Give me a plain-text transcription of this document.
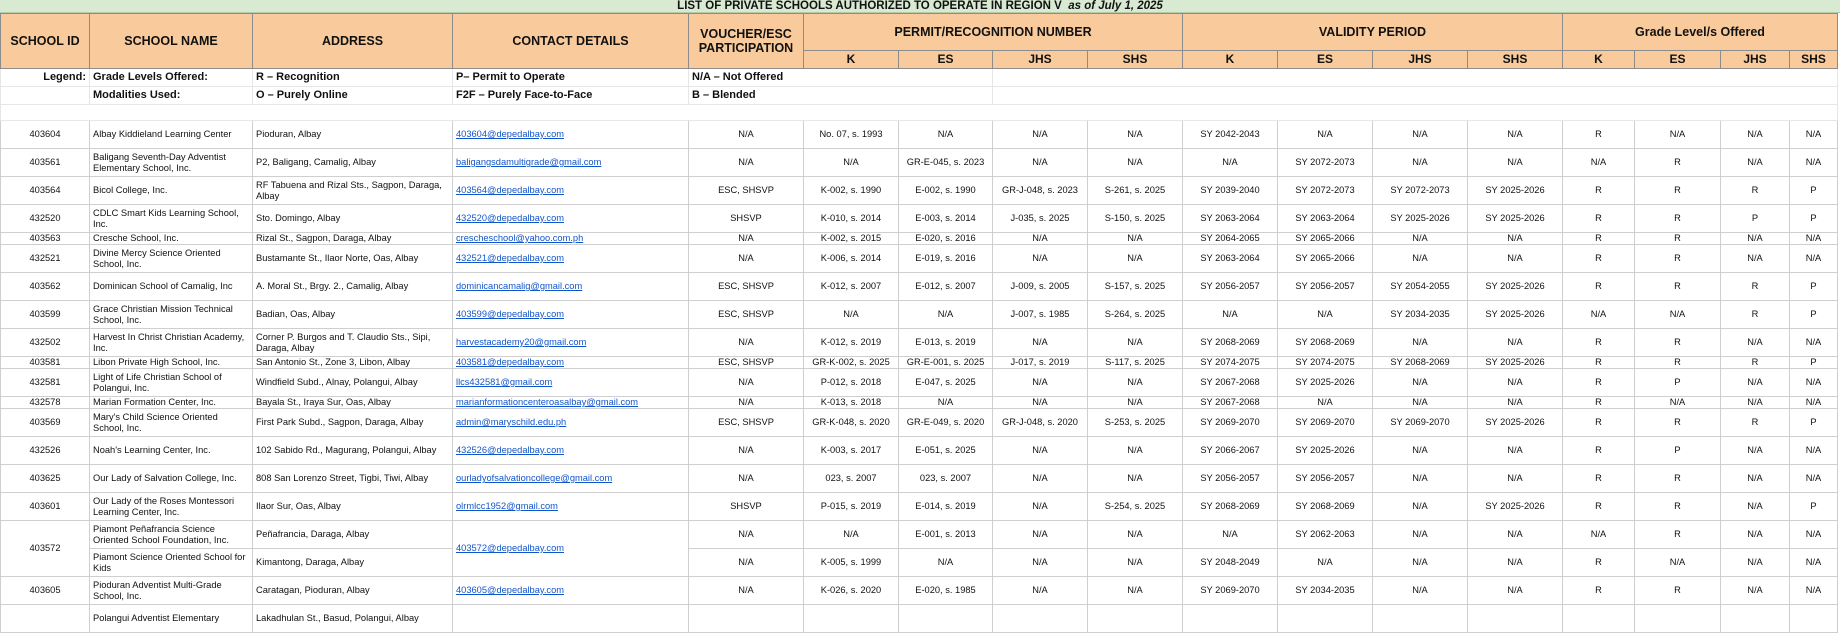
LIST OF PRIVATE SCHOOLS AUTHORIZED TO OPERATE IN REGION V as of July 1, 2025
Legend:	Grade Levels Offered:	R – Recognition	P– Permit to Operate	N/A – Not Offered												
	Modalities Used:	O – Purely Online	F2F – Purely Face-to-Face	B – Blended												

SCHOOL ID	SCHOOL NAME	ADDRESS	CONTACT DETAILS	VOUCHER/ESC PARTICIPATION	PERMIT/RECOGNITION NUMBER				VALIDITY PERIOD				Grade Level/s Offered			
					K	ES	JHS	SHS	K	ES	JHS	SHS	K	ES	JHS	SHS
403604	Albay Kiddieland Learning Center	Pioduran, Albay	403604@depedalbay.com	N/A	No. 07, s. 1993	N/A	N/A	N/A	SY 2042-2043	N/A	N/A	N/A	R	N/A	N/A	N/A
403561	Baligang Seventh-Day Adventist Elementary School, Inc.	P2, Baligang, Camalig, Albay	baligangsdamultigrade@gmail.com	N/A	N/A	GR-E-045, s. 2023	N/A	N/A	N/A	SY 2072-2073	N/A	N/A	N/A	R	N/A	N/A
403564	Bicol College, Inc.	RF Tabuena and Rizal Sts., Sagpon, Daraga, Albay	403564@depedalbay.com	ESC, SHSVP	K-002, s. 1990	E-002, s. 1990	GR-J-048, s. 2023	S-261, s. 2025	SY 2039-2040	SY 2072-2073	SY 2072-2073	SY 2025-2026	R	R	R	P
432520	CDLC Smart Kids Learning School, Inc.	Sto. Domingo, Albay	432520@depedalbay.com	SHSVP	K-010, s. 2014	E-003, s. 2014	J-035, s. 2025	S-150, s. 2025	SY 2063-2064	SY 2063-2064	SY 2025-2026	SY 2025-2026	R	R	P	P
403563	Cresche School, Inc.	Rizal St., Sagpon, Daraga, Albay	crescheschool@yahoo.com.ph	N/A	K-002, s. 2015	E-020, s. 2016	N/A	N/A	SY 2064-2065	SY 2065-2066	N/A	N/A	R	R	N/A	N/A
432521	Divine Mercy Science Oriented School, Inc.	Bustamante St., Ilaor Norte, Oas, Albay	432521@depedalbay.com	N/A	K-006, s. 2014	E-019, s. 2016	N/A	N/A	SY 2063-2064	SY 2065-2066	N/A	N/A	R	R	N/A	N/A
403562	Dominican School of Camalig, Inc	A. Moral St., Brgy. 2., Camalig, Albay	dominicancamalig@gmail.com	ESC, SHSVP	K-012, s. 2007	E-012, s. 2007	J-009, s. 2005	S-157, s. 2025	SY 2056-2057	SY 2056-2057	SY 2054-2055	SY 2025-2026	R	R	R	P
403599	Grace Christian Mission Technical School, Inc.	Badian, Oas, Albay	403599@depedalbay.com	ESC, SHSVP	N/A	N/A	J-007, s. 1985	S-264, s. 2025	N/A	N/A	SY 2034-2035	SY 2025-2026	N/A	N/A	R	P
432502	Harvest In Christ Christian Academy, Inc.	Corner P. Burgos and T. Claudio Sts., Sipi, Daraga, Albay	harvestacademy20@gmail.com	N/A	K-012, s. 2019	E-013, s. 2019	N/A	N/A	SY 2068-2069	SY 2068-2069	N/A	N/A	R	R	N/A	N/A
403581	Libon Private High School, Inc.	San Antonio St., Zone 3, Libon, Albay	403581@depedalbay.com	ESC, SHSVP	GR-K-002, s. 2025	GR-E-001, s. 2025	J-017, s. 2019	S-117, s. 2025	SY 2074-2075	SY 2074-2075	SY 2068-2069	SY 2025-2026	R	R	R	P
432581	Light of Life Christian School of Polangui, Inc.	Windfield Subd., Alnay, Polangui, Albay	llcs432581@gmail.com	N/A	P-012, s. 2018	E-047, s. 2025	N/A	N/A	SY 2067-2068	SY 2025-2026	N/A	N/A	R	P	N/A	N/A
432578	Marian Formation Center, Inc.	Bayala St., Iraya Sur, Oas, Albay	marianformationcenteroasalbay@gmail.com	N/A	K-013, s. 2018	N/A	N/A	N/A	SY 2067-2068	N/A	N/A	N/A	R	N/A	N/A	N/A
403569	Mary's Child Science Oriented School, Inc.	First Park Subd., Sagpon, Daraga, Albay	admin@maryschild.edu.ph	ESC, SHSVP	GR-K-048, s. 2020	GR-E-049, s. 2020	GR-J-048, s. 2020	S-253, s. 2025	SY 2069-2070	SY 2069-2070	SY 2069-2070	SY 2025-2026	R	R	R	P
432526	Noah's Learning Center, Inc.	102 Sabido Rd., Magurang, Polangui, Albay	432526@depedalbay.com	N/A	K-003, s. 2017	E-051, s. 2025	N/A	N/A	SY 2066-2067	SY 2025-2026	N/A	N/A	R	P	N/A	N/A
403625	Our Lady of Salvation College, Inc.	808 San Lorenzo Street, Tigbi, Tiwi, Albay	ourladyofsalvationcollege@gmail.com	N/A	023, s. 2007	023, s. 2007	N/A	N/A	SY 2056-2057	SY 2056-2057	N/A	N/A	R	R	N/A	N/A
403601	Our Lady of the Roses Montessori Learning Center, Inc.	Ilaor Sur, Oas, Albay	olrmlcc1952@gmail.com	SHSVP	P-015, s. 2019	E-014, s. 2019	N/A	S-254, s. 2025	SY 2068-2069	SY 2068-2069	N/A	SY 2025-2026	R	R	N/A	P
403572	Piamont Peñafrancia Science Oriented School Foundation, Inc.	Peñafrancia, Daraga, Albay	403572@depedalbay.com	N/A	N/A	E-001, s. 2013	N/A	N/A	N/A	SY 2062-2063	N/A	N/A	N/A	R	N/A	N/A
	Piamont Science Oriented School for Kids	Kimantong, Daraga, Albay		N/A	K-005, s. 1999	N/A	N/A	N/A	SY 2048-2049	N/A	N/A	N/A	R	N/A	N/A	N/A
403605	Pioduran Adventist Multi-Grade School, Inc.	Caratagan, Pioduran, Albay	403605@depedalbay.com	N/A	K-026, s. 2020	E-020, s. 1985	N/A	N/A	SY 2069-2070	SY 2034-2035	N/A	N/A	R	R	N/A	N/A
	Polangui Adventist Elementary	Lakadhulan St., Basud, Polangui, Albay														
